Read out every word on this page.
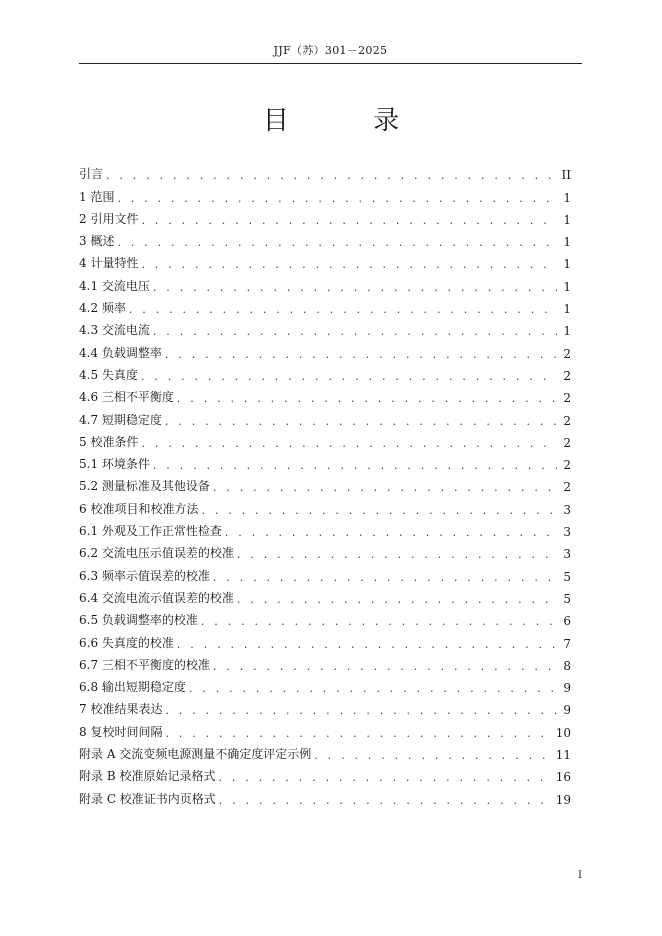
JJF（苏）301－2025
目 录
引言 . . .	II
1 范围 . . .	1
2 引用文件 . . .	1
3 概述 . . .	1
4 计量特性 . . .	1
4.1 交流电压 . . .	1
4.2 频率 . . .	1
4.3 交流电流 . . .	1
4.4 负载调整率 . . .	2
4.5 失真度 . . .	2
4.6 三相不平衡度 . . .	2
4.7 短期稳定度 . . .	2
5 校准条件 . . .	2
5.1 环境条件 . . .	2
5.2 测量标准及其他设备 . . .	2
6 校准项目和校准方法 . . .	3
6.1 外观及工作正常性检查 . . .	3
6.2 交流电压示值误差的校准 . . .	3
6.3 频率示值误差的校准 . . .	5
6.4 交流电流示值误差的校准 . . .	5
6.5 负载调整率的校准 . . .	6
6.6 失真度的校准 . . .	7
6.7 三相不平衡度的校准 . . .	8
6.8 输出短期稳定度 . . .	9
7 校准结果表达 . . .	9
8 复校时间间隔 . . .	10
附录 A 交流变频电源测量不确定度评定示例 . . .	11
附录 B 校准原始记录格式 . . .	16
附录 C 校准证书内页格式 . . .	19
I
